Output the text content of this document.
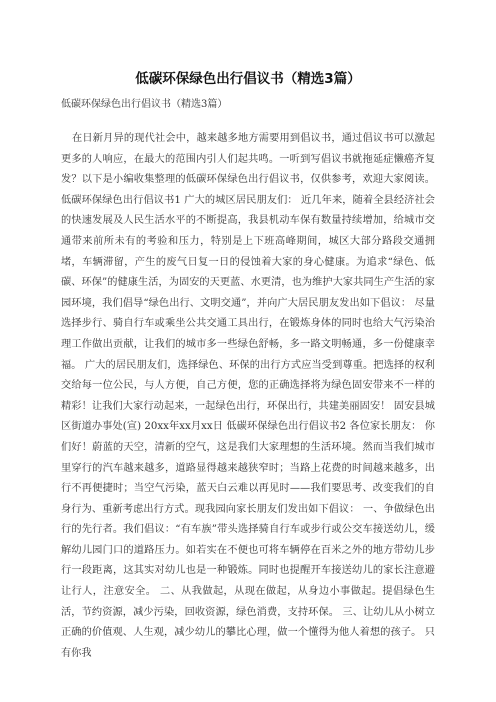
低碳环保绿色出行倡议书（精选3篇）

低碳环保绿色出行倡议书（精选3篇）

在日新月异的现代社会中，越来越多地方需要用到倡议书，通过倡议书可以激起更多的人响应，在最大的范围内引人们起共鸣。一听到写倡议书就拖延症懒癌齐复发？以下是小编收集整理的低碳环保绿色出行倡议书，仅供参考，欢迎大家阅读。 低碳环保绿色出行倡议书1 广大的城区居民朋友们： 近几年来，随着全县经济社会的快速发展及人民生活水平的不断提高，我县机动车保有数量持续增加，给城市交通带来前所未有的考验和压力，特别是上下班高峰期间，城区大部分路段交通拥堵，车辆滞留，产生的废气日复一日的侵蚀着大家的身心健康。为追求“绿色、低碳、环保”的健康生活，为固安的天更蓝、水更清，也为维护大家共同生产生活的家园环境，我们倡导“绿色出行、文明交通”，并向广大居民朋友发出如下倡议： 尽量选择步行、骑自行车或乘坐公共交通工具出行，在锻炼身体的同时也给大气污染治理工作做出贡献，让我们的城市多一些绿色舒畅，多一路文明畅通，多一份健康幸福。 广大的居民朋友们，选择绿色、环保的出行方式应当受到尊重。把选择的权利交给每一位公民，与人方便，自己方便，您的正确选择将为绿色固安带来不一样的精彩！让我们大家行动起来，一起绿色出行，环保出行，共建美丽固安！ 固安县城区街道办事处(宣) 20xx年xx月xx日 低碳环保绿色出行倡议书2 各位家长朋友： 你们好！蔚蓝的天空，清新的空气，这是我们大家理想的生活环境。然而当我们城市里穿行的汽车越来越多，道路显得越来越狭窄时；当路上花费的时间越来越多，出行不再便捷时；当空气污染，蓝天白云难以再见时——我们要思考、改变我们的自身行为、重新考虑出行方式。现我园向家长朋友们发出如下倡议： 一、争做绿色出行的先行者。我们倡议：“有车族”带头选择骑自行车或步行或公交车接送幼儿，缓解幼儿园门口的道路压力。如若实在不便也可将车辆停在百米之外的地方带幼儿步行一段距离，这其实对幼儿也是一种锻炼。同时也提醒开车接送幼儿的家长注意避让行人，注意安全。 二、从我做起，从现在做起，从身边小事做起。提倡绿色生活，节约资源，减少污染，回收资源，绿色消费，支持环保。 三、让幼儿从小树立正确的价值观、人生观，减少幼儿的攀比心理，做一个懂得为他人着想的孩子。 只有你我
